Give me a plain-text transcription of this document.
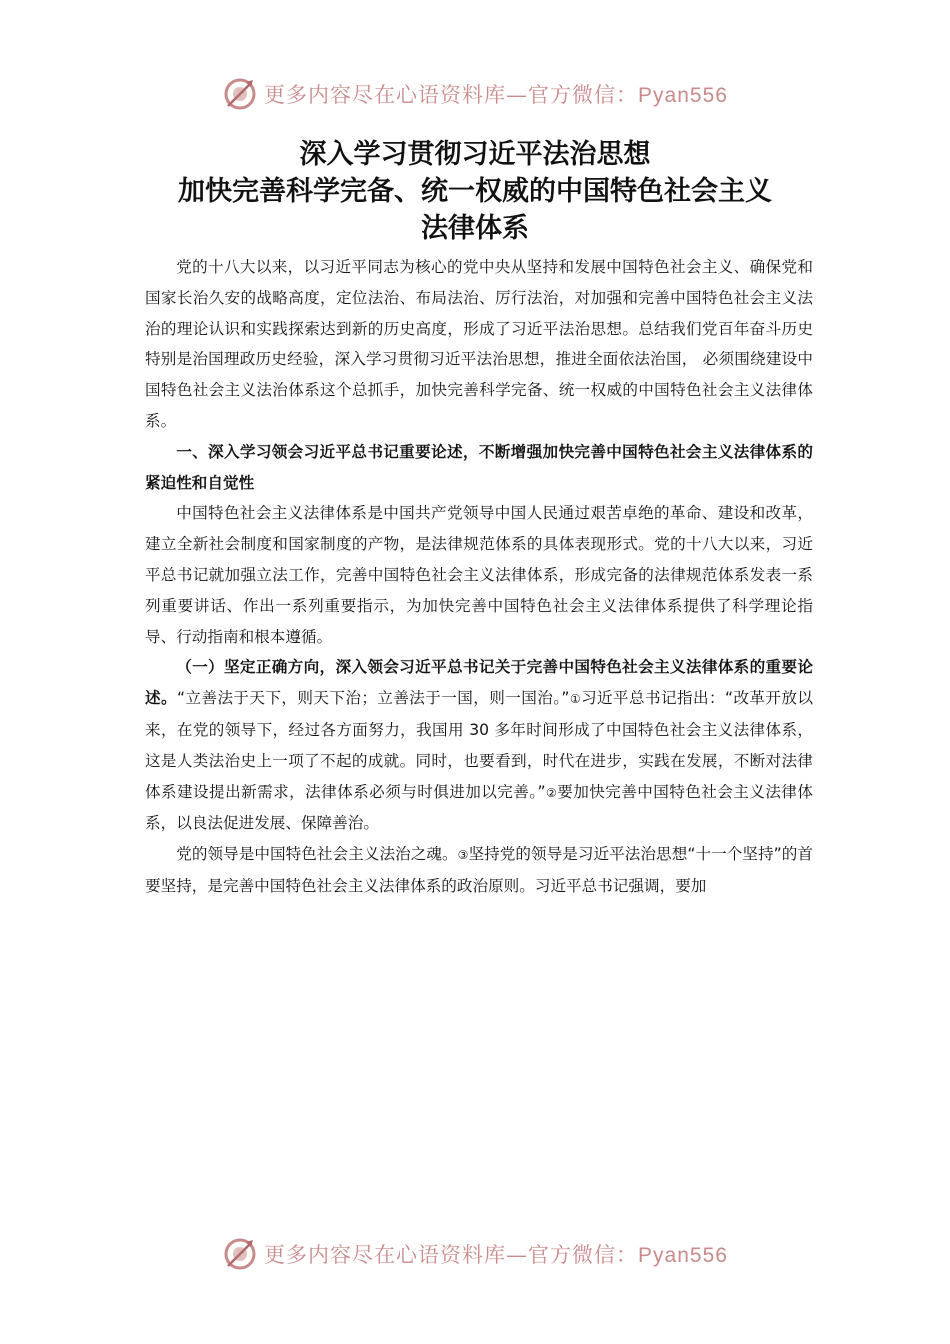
更多内容尽在心语资料库—官方微信：Pyan556
深入学习贯彻习近平法治思想
加快完善科学完备、统一权威的中国特色社会主义
法律体系

党的十八大以来，以习近平同志为核心的党中央从坚持和发展中国特色社会主义、确保党和国家长治久安的战略高度，定位法治、布局法治、厉行法治，对加强和完善中国特色社会主义法治的理论认识和实践探索达到新的历史高度，形成了习近平法治思想。总结我们党百年奋斗历史特别是治国理政历史经验，深入学习贯彻习近平法治思想，推进全面依法治国， 必须围绕建设中国特色社会主义法治体系这个总抓手，加快完善科学完备、统一权威的中国特色社会主义法律体系。

一、深入学习领会习近平总书记重要论述，不断增强加快完善中国特色社会主义法律体系的紧迫性和自觉性

中国特色社会主义法律体系是中国共产党领导中国人民通过艰苦卓绝的革命、建设和改革，建立全新社会制度和国家制度的产物，是法律规范体系的具体表现形式。党的十八大以来，习近平总书记就加强立法工作，完善中国特色社会主义法律体系，形成完备的法律规范体系发表一系列重要讲话、作出一系列重要指示，为加快完善中国特色社会主义法律体系提供了科学理论指导、行动指南和根本遵循。

（一）坚定正确方向，深入领会习近平总书记关于完善中国特色社会主义法律体系的重要论述。“立善法于天下，则天下治；立善法于一国，则一国治。”①习近平总书记指出：“改革开放以来，在党的领导下，经过各方面努力，我国用 30 多年时间形成了中国特色社会主义法律体系，这是人类法治史上一项了不起的成就。同时，也要看到，时代在进步，实践在发展，不断对法律体系建设提出新需求，法律体系必须与时俱进加以完善。”②要加快完善中国特色社会主义法律体系，以良法促进发展、保障善治。

党的领导是中国特色社会主义法治之魂。③坚持党的领导是习近平法治思想“十一个坚持”的首要坚持，是完善中国特色社会主义法律体系的政治原则。习近平总书记强调，要加

更多内容尽在心语资料库—官方微信：Pyan556
